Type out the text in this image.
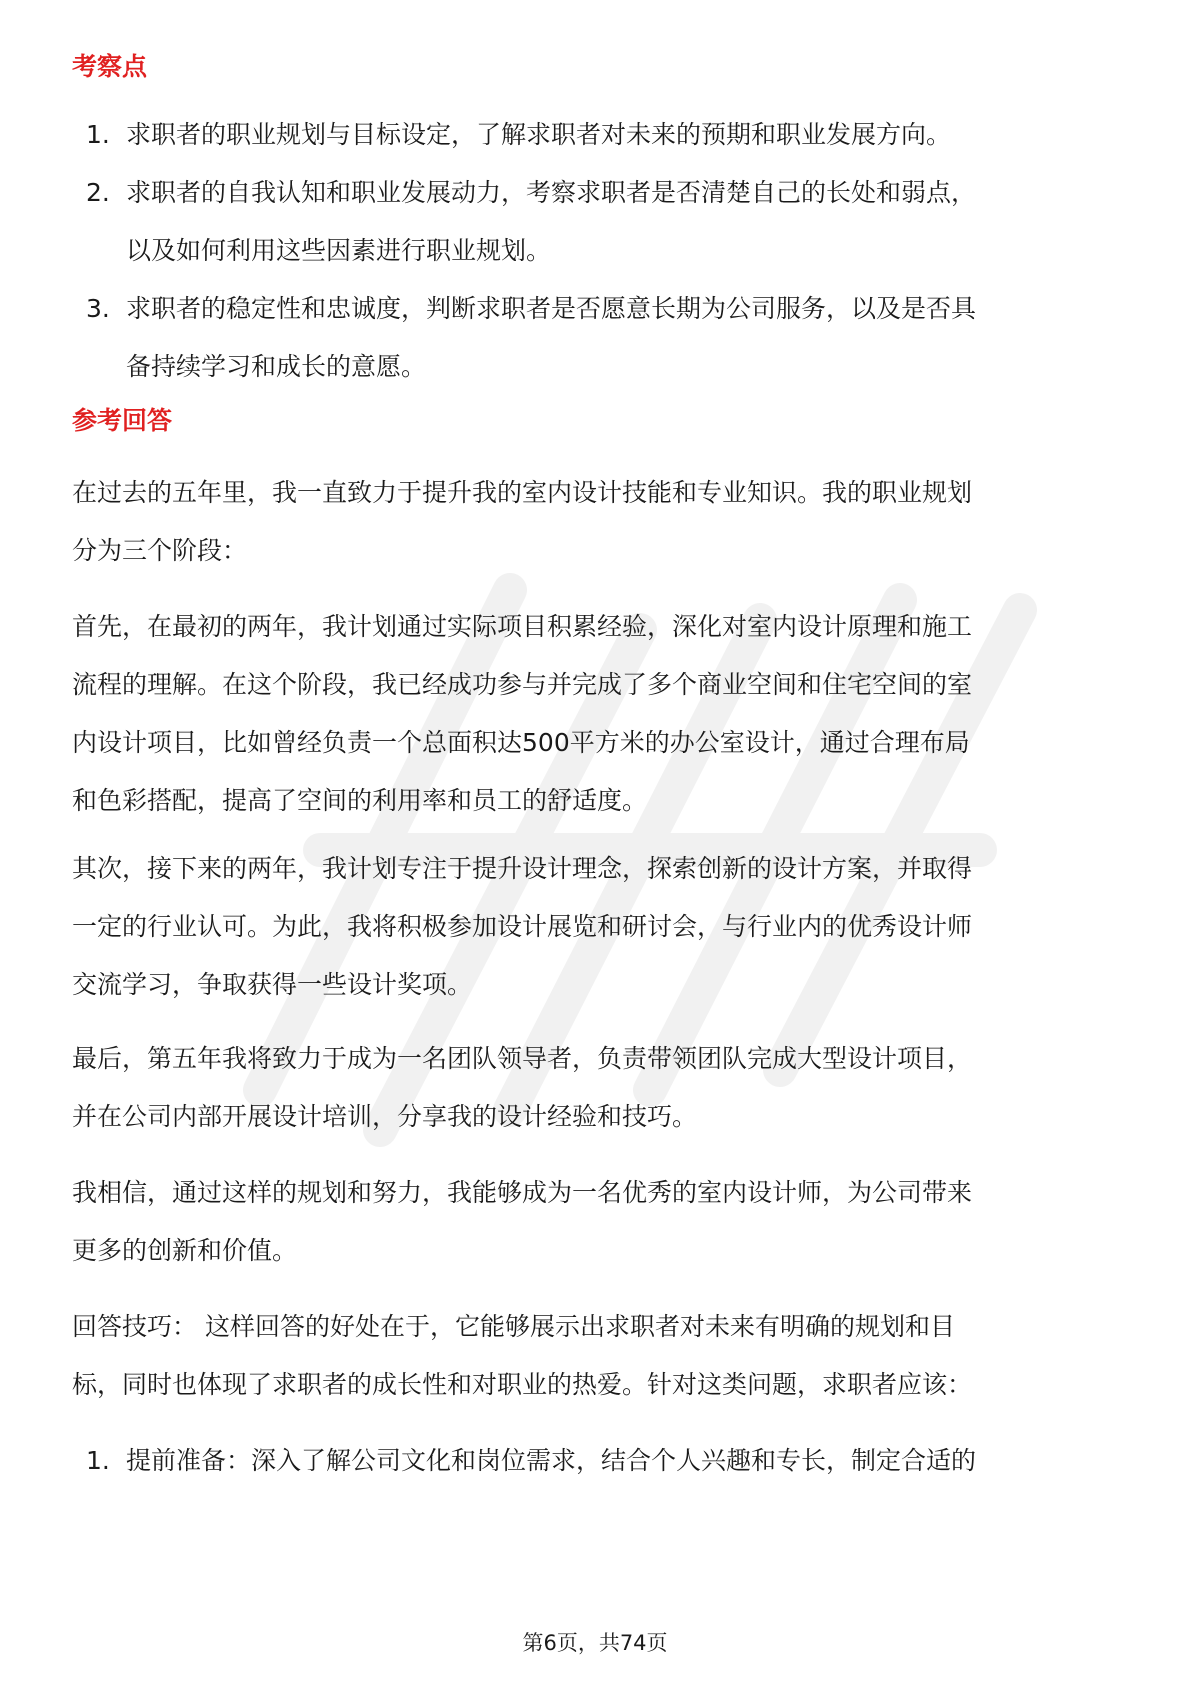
考察点
1. 求职者的职业规划与目标设定，了解求职者对未来的预期和职业发展方向。
2. 求职者的自我认知和职业发展动力，考察求职者是否清楚自己的长处和弱点，
以及如何利用这些因素进行职业规划。
3. 求职者的稳定性和忠诚度，判断求职者是否愿意长期为公司服务，以及是否具
备持续学习和成长的意愿。
参考回答

在过去的五年里，我一直致力于提升我的室内设计技能和专业知识。我的职业规划
分为三个阶段：

首先，在最初的两年，我计划通过实际项目积累经验，深化对室内设计原理和施工
流程的理解。在这个阶段，我已经成功参与并完成了多个商业空间和住宅空间的室
内设计项目，比如曾经负责一个总面积达500平方米的办公室设计，通过合理布局
和色彩搭配，提高了空间的利用率和员工的舒适度。

其次，接下来的两年，我计划专注于提升设计理念，探索创新的设计方案，并取得
一定的行业认可。为此，我将积极参加设计展览和研讨会，与行业内的优秀设计师
交流学习，争取获得一些设计奖项。

最后，第五年我将致力于成为一名团队领导者，负责带领团队完成大型设计项目，
并在公司内部开展设计培训，分享我的设计经验和技巧。

我相信，通过这样的规划和努力，我能够成为一名优秀的室内设计师，为公司带来
更多的创新和价值。

回答技巧： 这样回答的好处在于，它能够展示出求职者对未来有明确的规划和目
标，同时也体现了求职者的成长性和对职业的热爱。针对这类问题，求职者应该：

1. 提前准备：深入了解公司文化和岗位需求，结合个人兴趣和专长，制定合适的
第6页，共74页
